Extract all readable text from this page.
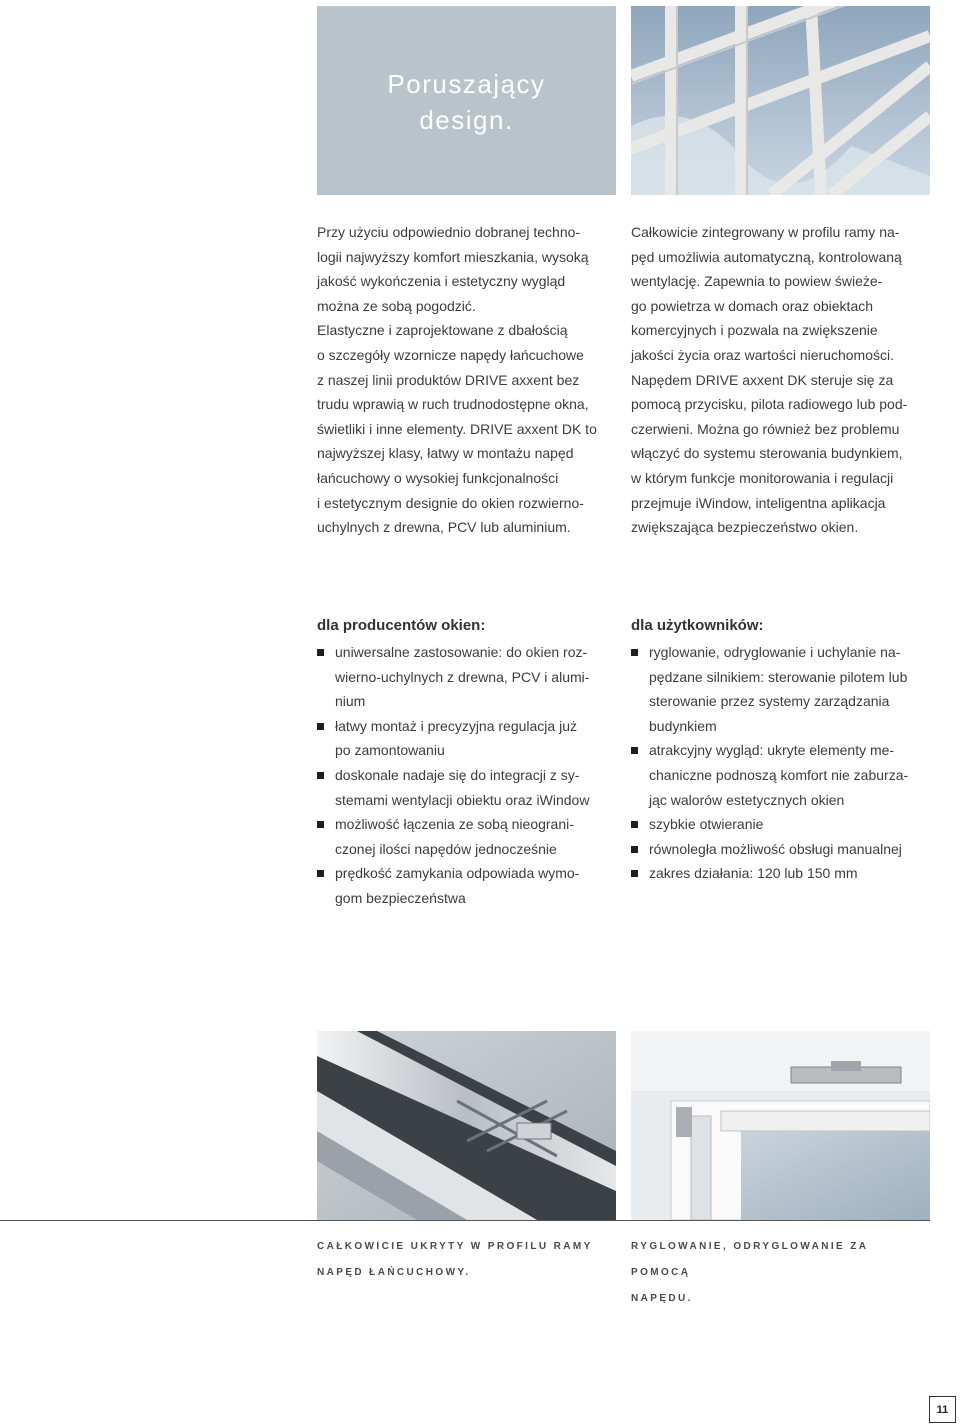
Poruszający design.

Przy użyciu odpowiednio dobranej techno-
logii najwyższy komfort mieszkania, wysoką
jakość wykończenia i estetyczny wygląd
można ze sobą pogodzić.
Elastyczne i zaprojektowane z dbałością
o szczegóły wzornicze napędy łańcuchowe
z naszej linii produktów DRIVE axxent bez
trudu wprawią w ruch trudnodostępne okna,
świetliki i inne elementy. DRIVE axxent DK to
najwyższej klasy, łatwy w montażu napęd
łańcuchowy o wysokiej funkcjonalności
i estetycznym designie do okien rozwierno-
uchylnych z drewna, PCV lub aluminium.

Całkowicie zintegrowany w profilu ramy na-
pęd umożliwia automatyczną, kontrolowaną
wentylację. Zapewnia to powiew świeże-
go powietrza w domach oraz obiektach
komercyjnych i pozwala na zwiększenie
jakości życia oraz wartości nieruchomości.
Napędem DRIVE axxent DK steruje się za
pomocą przycisku, pilota radiowego lub pod-
czerwieni. Można go również bez problemu
włączyć do systemu sterowania budynkiem,
w którym funkcje monitorowania i regulacji
przejmuje iWindow, inteligentna aplikacja
zwiększająca bezpieczeństwo okien.

dla producentów okien:

uniwersalne zastosowanie: do okien roz-
wierno-uchylnych z drewna, PCV i alumi-
nium
łatwy montaż i precyzyjna regulacja już
po zamontowaniu
doskonale nadaje się do integracji z sy-
stemami wentylacji obiektu oraz iWindow
możliwość łączenia ze sobą nieograni-
czonej ilości napędów jednocześnie
prędkość zamykania odpowiada wymo-
gom bezpieczeństwa

dla użytkowników:

ryglowanie, odryglowanie i uchylanie na-
pędzane silnikiem: sterowanie pilotem lub
sterowanie przez systemy zarządzania
budynkiem
atrakcyjny wygląd: ukryte elementy me-
chaniczne podnoszą komfort nie zaburza-
jąc walorów estetycznych okien
szybkie otwieranie
równoległa możliwość obsługi manualnej
zakres działania: 120 lub 150 mm

CAŁKOWICIE UKRYTY W PROFILU RAMY
NAPĘD ŁAŃCUCHOWY.

RYGLOWANIE, ODRYGLOWANIE ZA POMOCĄ
NAPĘDU.

11
